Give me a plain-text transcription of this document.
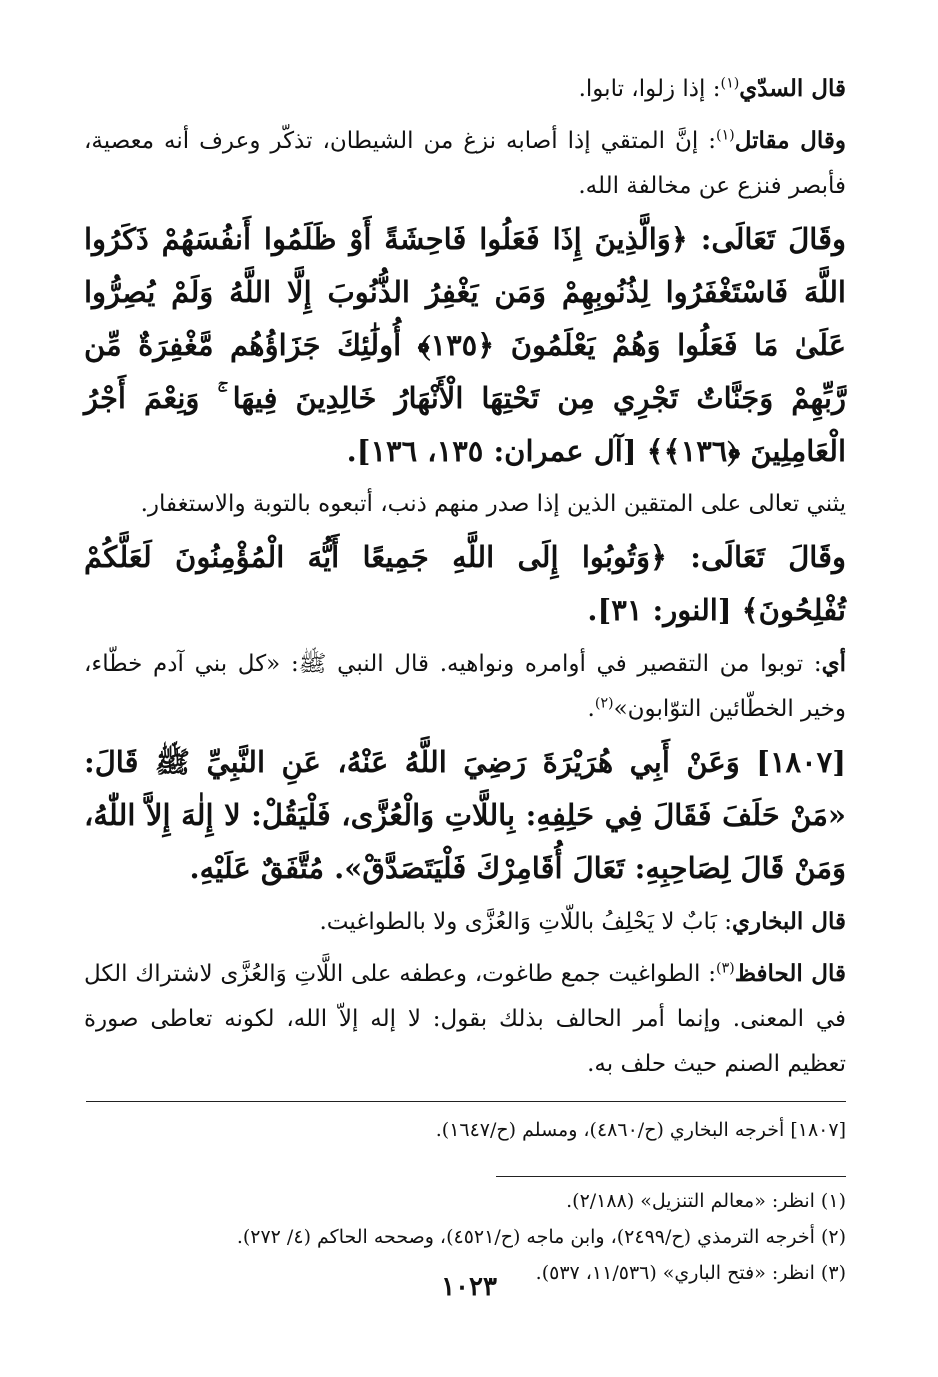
قال السدّي$^{(١)}$: إذا زلوا، تابوا.

وقال مقاتل$^{(١)}$: إنَّ المتقي إذا أصابه نزغ من الشيطان، تذكّر وعرف أنه معصية، فأبصر فنزع عن مخالفة الله.

وقَالَ تَعَالَى: ﴿وَالَّذِينَ إِذَا فَعَلُوا فَاحِشَةً أَوْ ظَلَمُوا أَنفُسَهُمْ ذَكَرُوا اللَّهَ فَاسْتَغْفَرُوا لِذُنُوبِهِمْ وَمَن يَغْفِرُ الذُّنُوبَ إِلَّا اللَّهُ وَلَمْ يُصِرُّوا عَلَىٰ مَا فَعَلُوا وَهُمْ يَعْلَمُونَ ﴿١٣٥﴾ أُولَٰئِكَ جَزَاؤُهُم مَّغْفِرَةٌ مِّن رَّبِّهِمْ وَجَنَّاتٌ تَجْرِي مِن تَحْتِهَا الْأَنْهَارُ خَالِدِينَ فِيهَا ۚ وَنِعْمَ أَجْرُ الْعَامِلِينَ ﴿١٣٦﴾﴾ [آل عمران: ١٣٥، ١٣٦].

يثني تعالى على المتقين الذين إذا صدر منهم ذنب، أتبعوه بالتوبة والاستغفار.

وقَالَ تَعَالَى: ﴿وَتُوبُوا إِلَى اللَّهِ جَمِيعًا أَيُّهَ الْمُؤْمِنُونَ لَعَلَّكُمْ تُفْلِحُونَ﴾ [النور: ٣١].

أي: توبوا من التقصير في أوامره ونواهيه. قال النبي ﷺ: «كل بني آدم خطّاء، وخير الخطّائين التوّابون»$^{(٢)}$.

[١٨٠٧] وَعَنْ أَبِي هُرَيْرَةَ رَضِيَ اللَّهُ عَنْهُ، عَنِ النَّبِيِّ ﷺ قَالَ: «مَنْ حَلَفَ فَقَالَ فِي حَلِفِهِ: بِاللَّاتِ وَالْعُزَّى، فَلْيَقُلْ: لا إِلٰهَ إِلاَّ اللّٰهُ، وَمَنْ قَالَ لِصَاحِبِهِ: تَعَالَ أُقَامِرْكَ فَلْيَتَصَدَّقْ». مُتَّفَقٌ عَلَيْهِ.

قال البخاري: بَابٌ لا يَحْلِفُ باللّاتِ وَالعُزَّى ولا بالطواغيت.

قال الحافظ$^{(٣)}$: الطواغيت جمع طاغوت، وعطفه على اللَّاتِ وَالعُزَّى لاشتراك الكل في المعنى. وإنما أمر الحالف بذلك بقول: لا إله إلاّ الله، لكونه تعاطى صورة تعظيم الصنم حيث حلف به.

[١٨٠٧] أخرجه البخاري (ح/٤٨٦٠)، ومسلم (ح/١٦٤٧).

(١) انظر: «معالم التنزيل» (٢/١٨٨).

(٢) أخرجه الترمذي (ح/٢٤٩٩)، وابن ماجه (ح/٤٥٢١)، وصححه الحاكم (٤/ ٢٧٢).

(٣) انظر: «فتح الباري» (١١/٥٣٦، ٥٣٧).

١٠٢٣
